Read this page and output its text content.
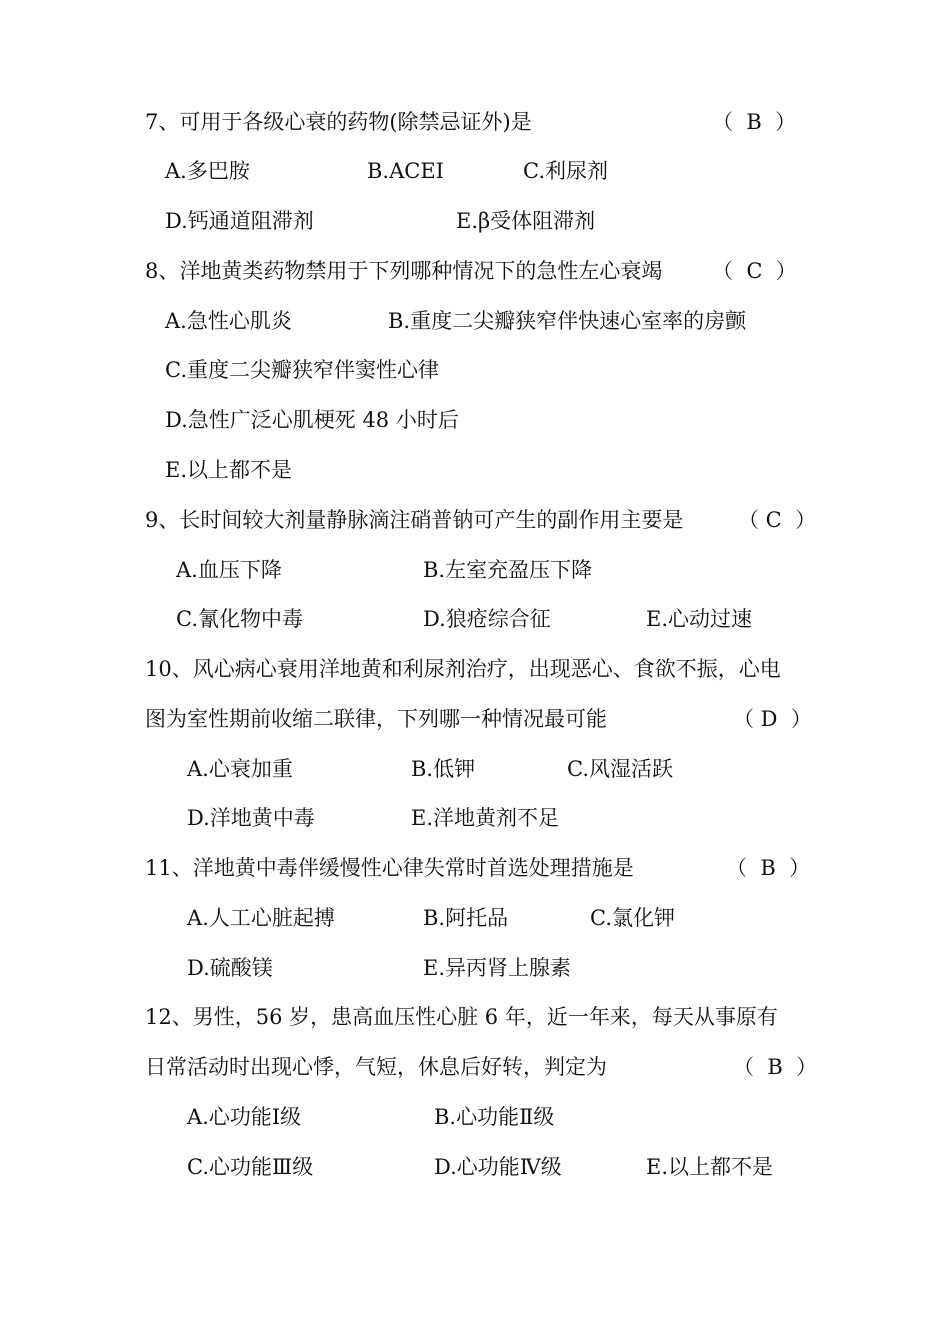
7、可用于各级心衰的药物(除禁忌证外)是	（  B  ）
A.多巴胺	B.ACEI	C.利尿剂
D.钙通道阻滞剂	E.β受体阻滞剂
8、洋地黄类药物禁用于下列哪种情况下的急性左心衰竭 （  C  ）
A.急性心肌炎	B.重度二尖瓣狭窄伴快速心室率的房颤
C.重度二尖瓣狭窄伴窦性心律
D.急性广泛心肌梗死 48 小时后
E.以上都不是
9、长时间较大剂量静脉滴注硝普钠可产生的副作用主要是	（ C  ）
A.血压下降	B.左室充盈压下降
C.氰化物中毒	D.狼疮综合征	E.心动过速
10、风心病心衰用洋地黄和利尿剂治疗，出现恶心、食欲不振，心电
图为室性期前收缩二联律，下列哪一种情况最可能	（ D  ）
A.心衰加重	B.低钾	C.风湿活跃
D.洋地黄中毒	E.洋地黄剂不足
11、洋地黄中毒伴缓慢性心律失常时首选处理措施是	（  B  ）
A.人工心脏起搏	B.阿托品	C.氯化钾
D.硫酸镁	E.异丙肾上腺素
12、男性，56 岁，患高血压性心脏 6 年，近一年来，每天从事原有
日常活动时出现心悸，气短，休息后好转，判定为	（  B  ）
A.心功能Ⅰ级	B.心功能Ⅱ级
C.心功能Ⅲ级	D.心功能Ⅳ级	E.以上都不是
